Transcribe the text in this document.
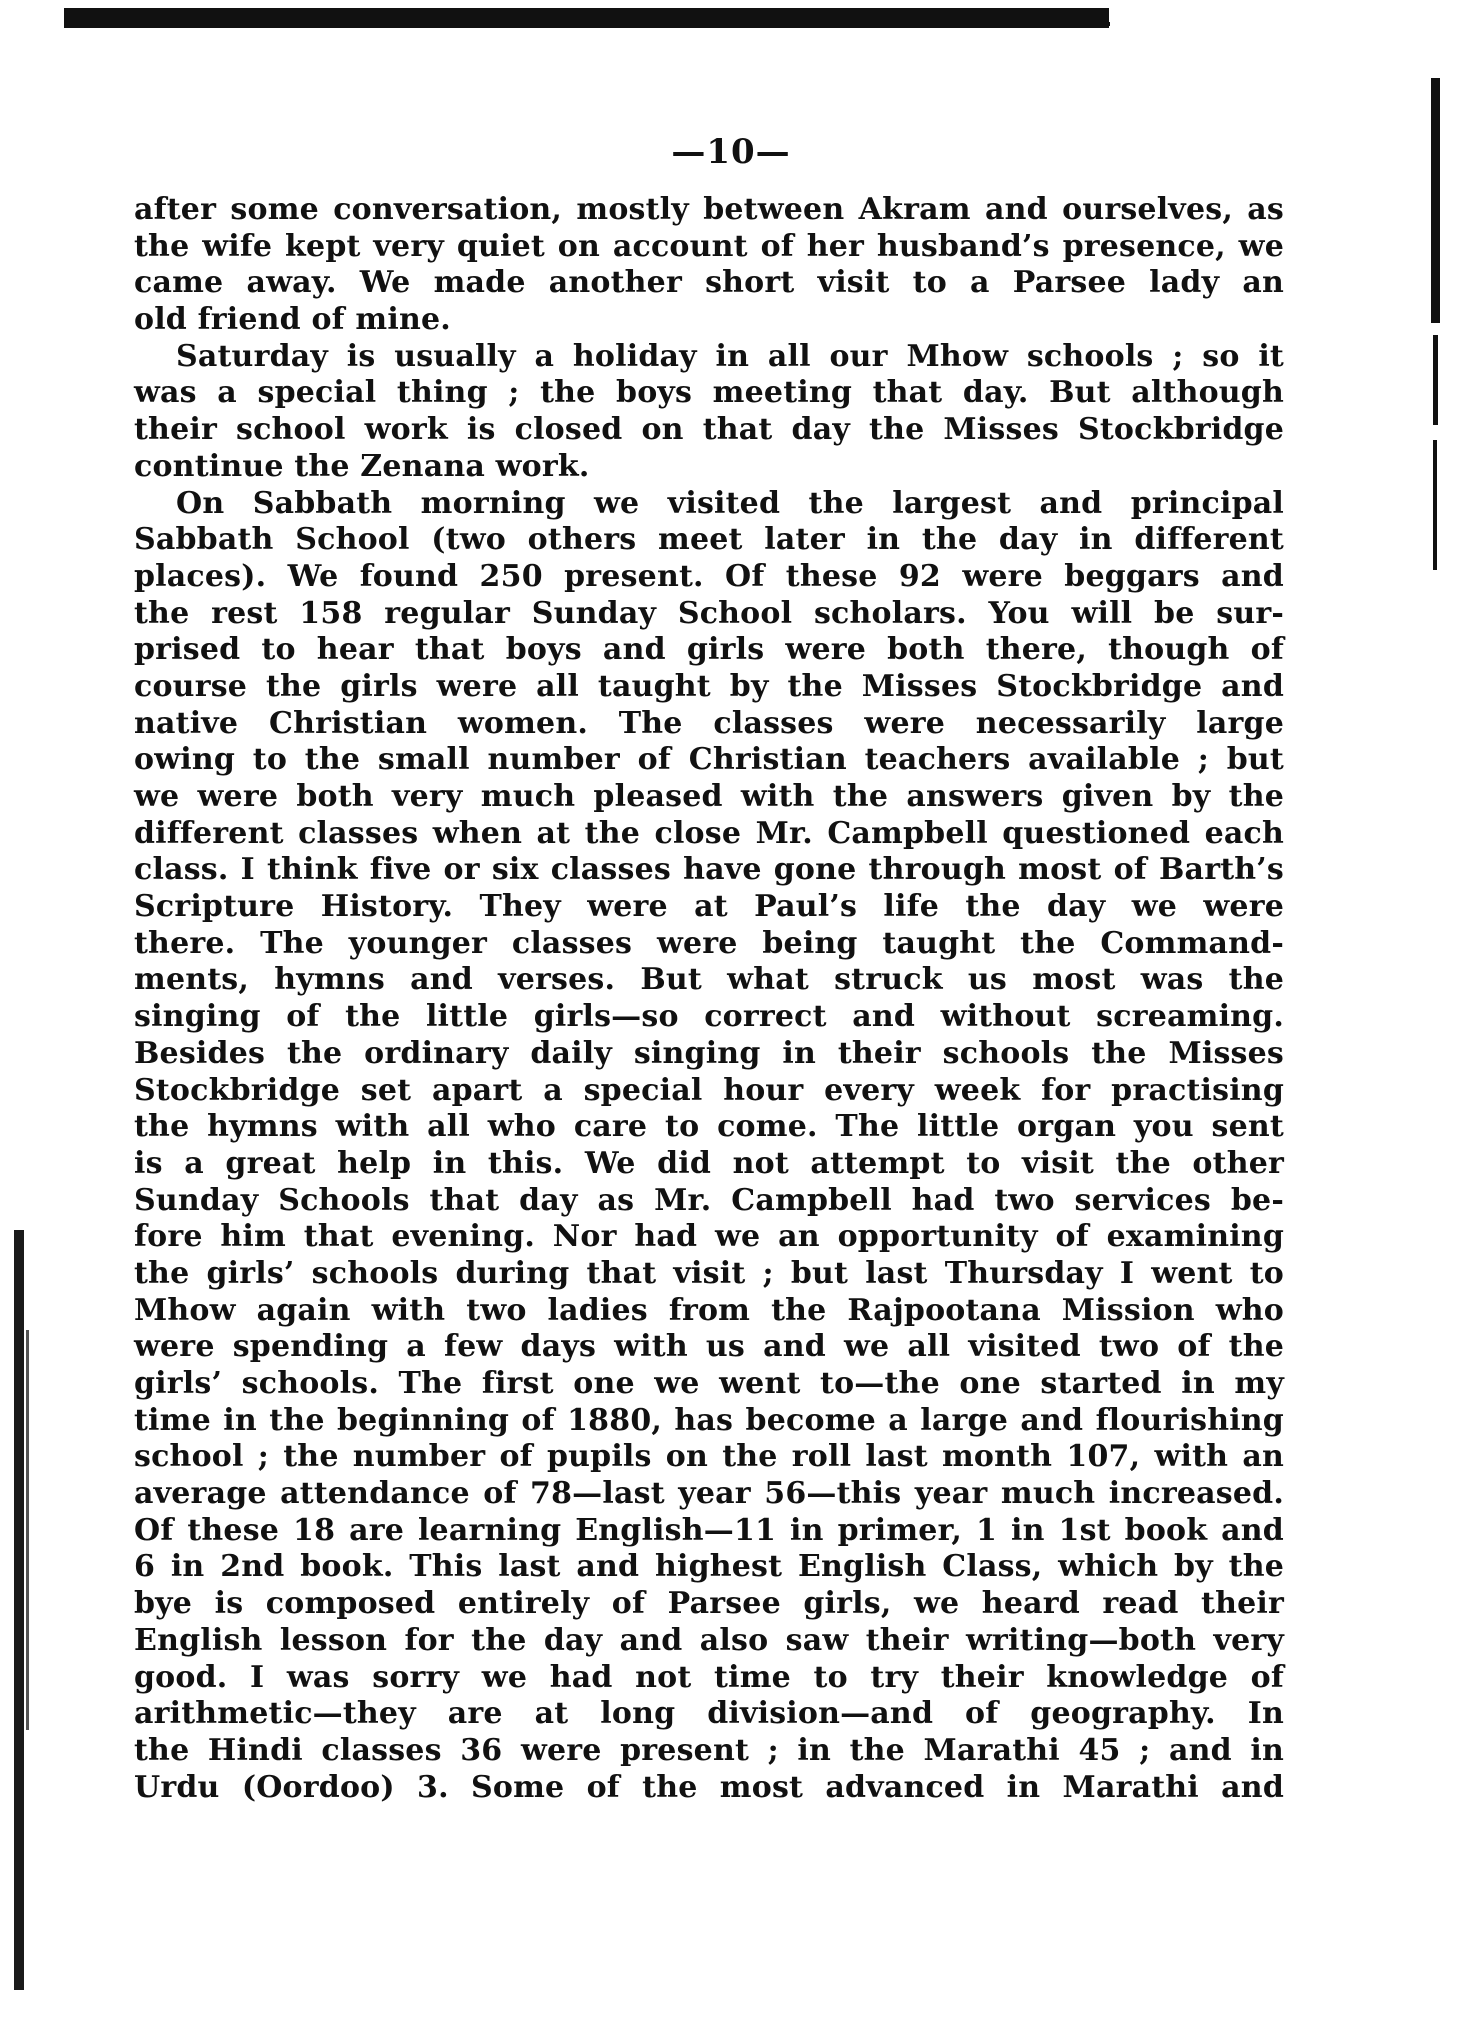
—10—
after some conversation, mostly between Akram and ourselves, as
the wife kept very quiet on account of her husband’s presence, we
came away. We made another short visit to a Parsee lady an
old friend of mine.
Saturday is usually a holiday in all our Mhow schools ; so it
was a special thing ; the boys meeting that day. But although
their school work is closed on that day the Misses Stockbridge
continue the Zenana work.
On Sabbath morning we visited the largest and principal
Sabbath School (two others meet later in the day in different
places). We found 250 present. Of these 92 were beggars and
the rest 158 regular Sunday School scholars. You will be sur-
prised to hear that boys and girls were both there, though of
course the girls were all taught by the Misses Stockbridge and
native Christian women. The classes were necessarily large
owing to the small number of Christian teachers available ; but
we were both very much pleased with the answers given by the
different classes when at the close Mr. Campbell questioned each
class. I think five or six classes have gone through most of Barth’s
Scripture History. They were at Paul’s life the day we were
there. The younger classes were being taught the Command-
ments, hymns and verses. But what struck us most was the
singing of the little girls—so correct and without screaming.
Besides the ordinary daily singing in their schools the Misses
Stockbridge set apart a special hour every week for practising
the hymns with all who care to come. The little organ you sent
is a great help in this. We did not attempt to visit the other
Sunday Schools that day as Mr. Campbell had two services be-
fore him that evening. Nor had we an opportunity of examining
the girls’ schools during that visit ; but last Thursday I went to
Mhow again with two ladies from the Rajpootana Mission who
were spending a few days with us and we all visited two of the
girls’ schools. The first one we went to—the one started in my
time in the beginning of 1880, has become a large and flourishing
school ; the number of pupils on the roll last month 107, with an
average attendance of 78—last year 56—this year much increased.
Of these 18 are learning English—11 in primer, 1 in 1st book and
6 in 2nd book. This last and highest English Class, which by the
bye is composed entirely of Parsee girls, we heard read their
English lesson for the day and also saw their writing—both very
good. I was sorry we had not time to try their knowledge of
arithmetic—they are at long division—and of geography. In
the Hindi classes 36 were present ; in the Marathi 45 ; and in
Urdu (Oordoo) 3. Some of the most advanced in Marathi and
